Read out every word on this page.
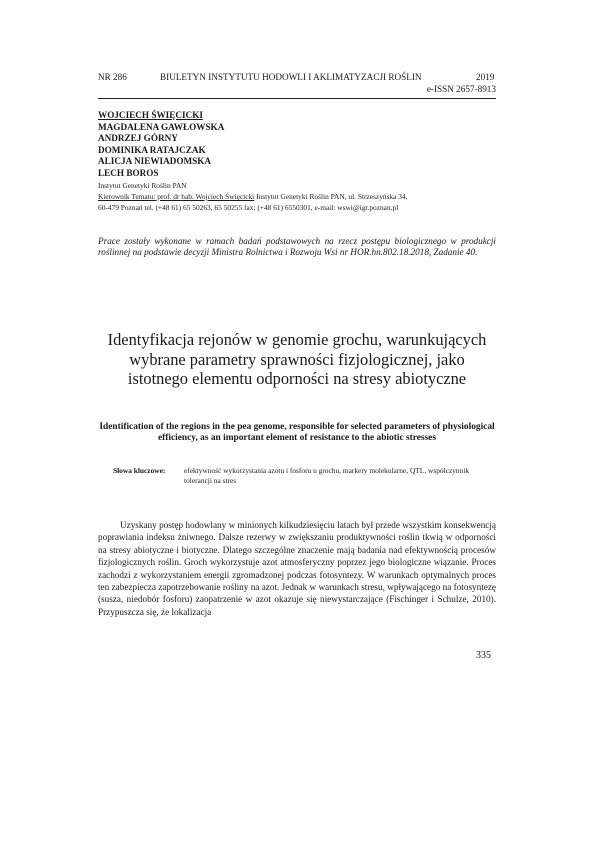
NR 286	BIULETYN INSTYTUTU HODOWLI I AKLIMATYZACJI ROŚLIN	2019
e-ISSN 2657-8913
WOJCIECH ŚWIĘCICKI
MAGDALENA GAWŁOWSKA
ANDRZEJ GÓRNY
DOMINIKA RATAJCZAK
ALICJA NIEWIADOMSKA
LECH BOROS
Instytut Genetyki Roślin PAN
Kierownik Tematu: prof. dr hab. Wojciech Święcicki Instytut Genetyki Roślin PAN, ul. Strzeszyńska 34,
60-479 Poznań tel. (+48 61) 65 50263, 65 50255 fax: (+48 61) 6550301, e-mail: wswi@igr.poznan.pl
Prace zostały wykonane w ramach badań podstawowych na rzecz postępu biologicznego w produkcji roślinnej na podstawie decyzji Ministra Rolnictwa i Rozwoju Wsi nr HOR.hn.802.18.2018, Zadanie 40.
Identyfikacja rejonów w genomie grochu, warunkujących wybrane parametry sprawności fizjologicznej, jako istotnego elementu odporności na stresy abiotyczne
Identification of the regions in the pea genome, responsible for selected parameters of physiological efficiency, as an important element of resistance to the abiotic stresses
Słowa kluczowe:	efektywność wykorzystania azotu i fosforu u grochu, markery molekularne, QTL, współczynnik tolerancji na stres

Uzyskany postęp hodowlany w minionych kilkudziesięciu latach był przede wszystkim konsekwencją poprawiania indeksu żniwnego. Dalsze rezerwy w zwiększaniu produktywności roślin tkwią w odporności na stresy abiotyczne i biotyczne. Dlatego szczególne znaczenie mają badania nad efektywnością procesów fizjologicznych roślin. Groch wykorzystuje azot atmosferyczny poprzez jego biologiczne wiązanie. Proces zachodzi z wykorzystaniem energii zgromadzonej podczas fotosyntezy. W warunkach optymalnych proces ten zabezpiecza zapotrzebowanie rośliny na azot. Jednak w warunkach stresu, wpływającego na fotosyntezę (susza, niedobór fosforu) zaopatrzenie w azot okazuje się niewystarczające (Fischinger i Schulze, 2010). Przypuszcza się, że lokalizacja

335
